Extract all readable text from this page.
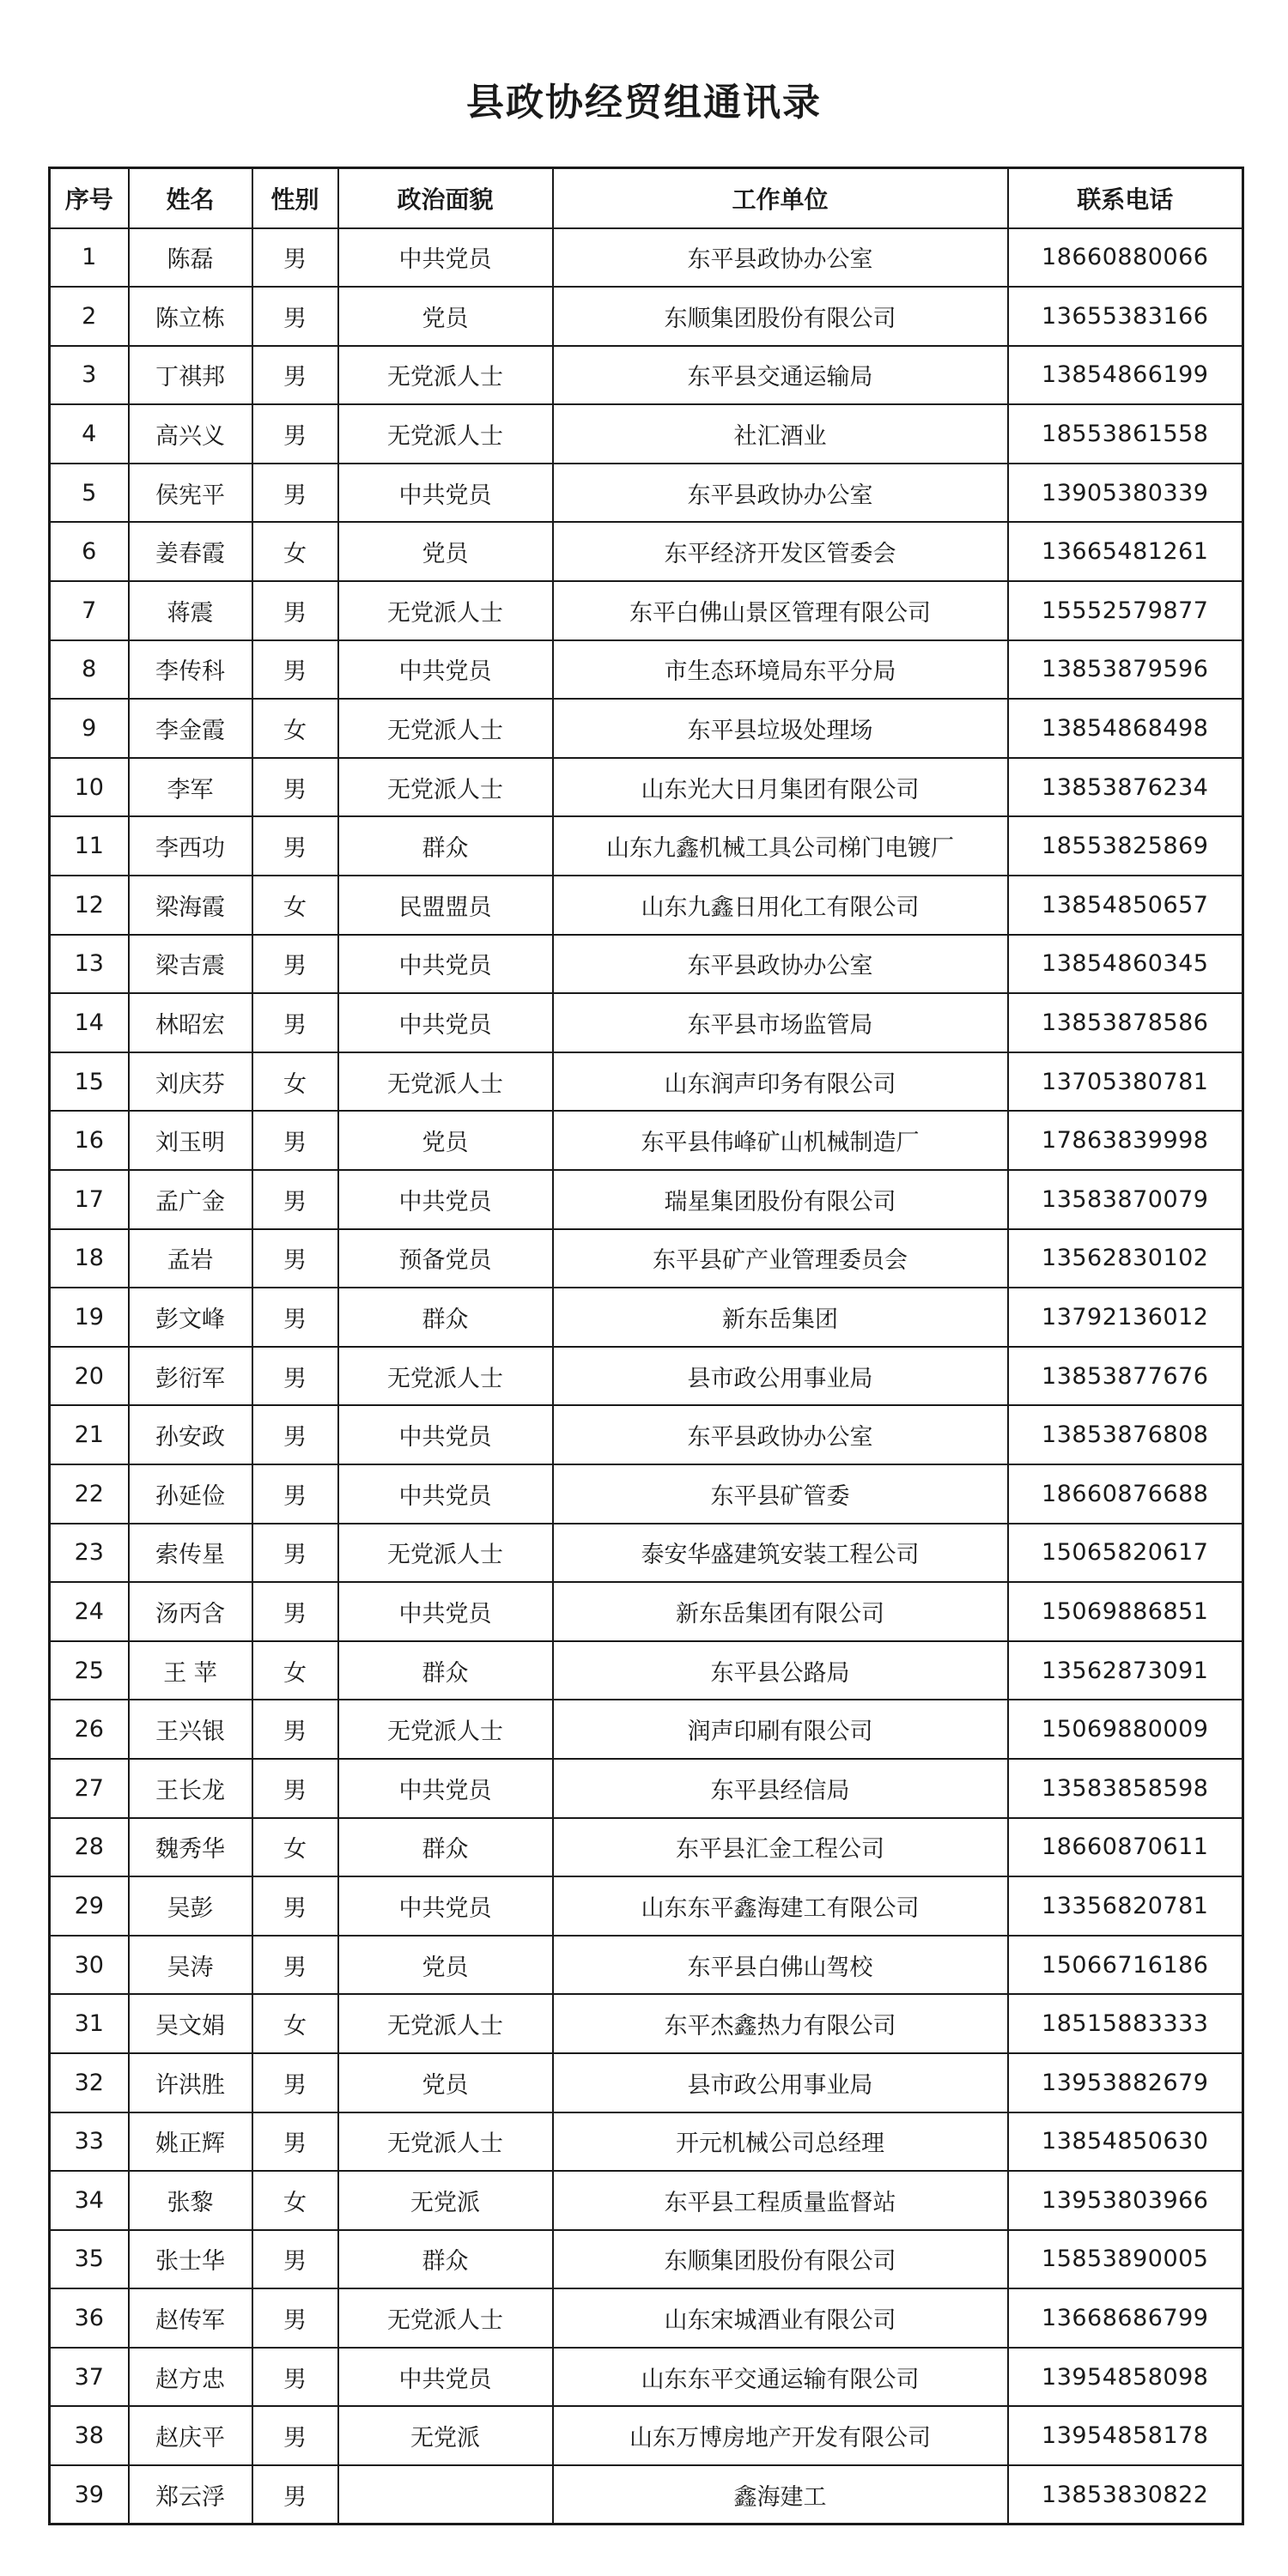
县政协经贸组通讯录
序号	姓名	性别	政治面貌	工作单位	联系电话
1	陈磊	男	中共党员	东平县政协办公室	18660880066
2	陈立栋	男	党员	东顺集团股份有限公司	13655383166
3	丁祺邦	男	无党派人士	东平县交通运输局	13854866199
4	高兴义	男	无党派人士	社汇酒业	18553861558
5	侯宪平	男	中共党员	东平县政协办公室	13905380339
6	姜春霞	女	党员	东平经济开发区管委会	13665481261
7	蒋震	男	无党派人士	东平白佛山景区管理有限公司	15552579877
8	李传科	男	中共党员	市生态环境局东平分局	13853879596
9	李金霞	女	无党派人士	东平县垃圾处理场	13854868498
10	李军	男	无党派人士	山东光大日月集团有限公司	13853876234
11	李西功	男	群众	山东九鑫机械工具公司梯门电镀厂	18553825869
12	梁海霞	女	民盟盟员	山东九鑫日用化工有限公司	13854850657
13	梁吉震	男	中共党员	东平县政协办公室	13854860345
14	林昭宏	男	中共党员	东平县市场监管局	13853878586
15	刘庆芬	女	无党派人士	山东润声印务有限公司	13705380781
16	刘玉明	男	党员	东平县伟峰矿山机械制造厂	17863839998
17	孟广金	男	中共党员	瑞星集团股份有限公司	13583870079
18	孟岩	男	预备党员	东平县矿产业管理委员会	13562830102
19	彭文峰	男	群众	新东岳集团	13792136012
20	彭衍军	男	无党派人士	县市政公用事业局	13853877676
21	孙安政	男	中共党员	东平县政协办公室	13853876808
22	孙延俭	男	中共党员	东平县矿管委	18660876688
23	索传星	男	无党派人士	泰安华盛建筑安装工程公司	15065820617
24	汤丙含	男	中共党员	新东岳集团有限公司	15069886851
25	王 苹	女	群众	东平县公路局	13562873091
26	王兴银	男	无党派人士	润声印刷有限公司	15069880009
27	王长龙	男	中共党员	东平县经信局	13583858598
28	魏秀华	女	群众	东平县汇金工程公司	18660870611
29	吴彭	男	中共党员	山东东平鑫海建工有限公司	13356820781
30	吴涛	男	党员	东平县白佛山驾校	15066716186
31	吴文娟	女	无党派人士	东平杰鑫热力有限公司	18515883333
32	许洪胜	男	党员	县市政公用事业局	13953882679
33	姚正辉	男	无党派人士	开元机械公司总经理	13854850630
34	张黎	女	无党派	东平县工程质量监督站	13953803966
35	张士华	男	群众	东顺集团股份有限公司	15853890005
36	赵传军	男	无党派人士	山东宋城酒业有限公司	13668686799
37	赵方忠	男	中共党员	山东东平交通运输有限公司	13954858098
38	赵庆平	男	无党派	山东万博房地产开发有限公司	13954858178
39	郑云浮	男		鑫海建工	13853830822
